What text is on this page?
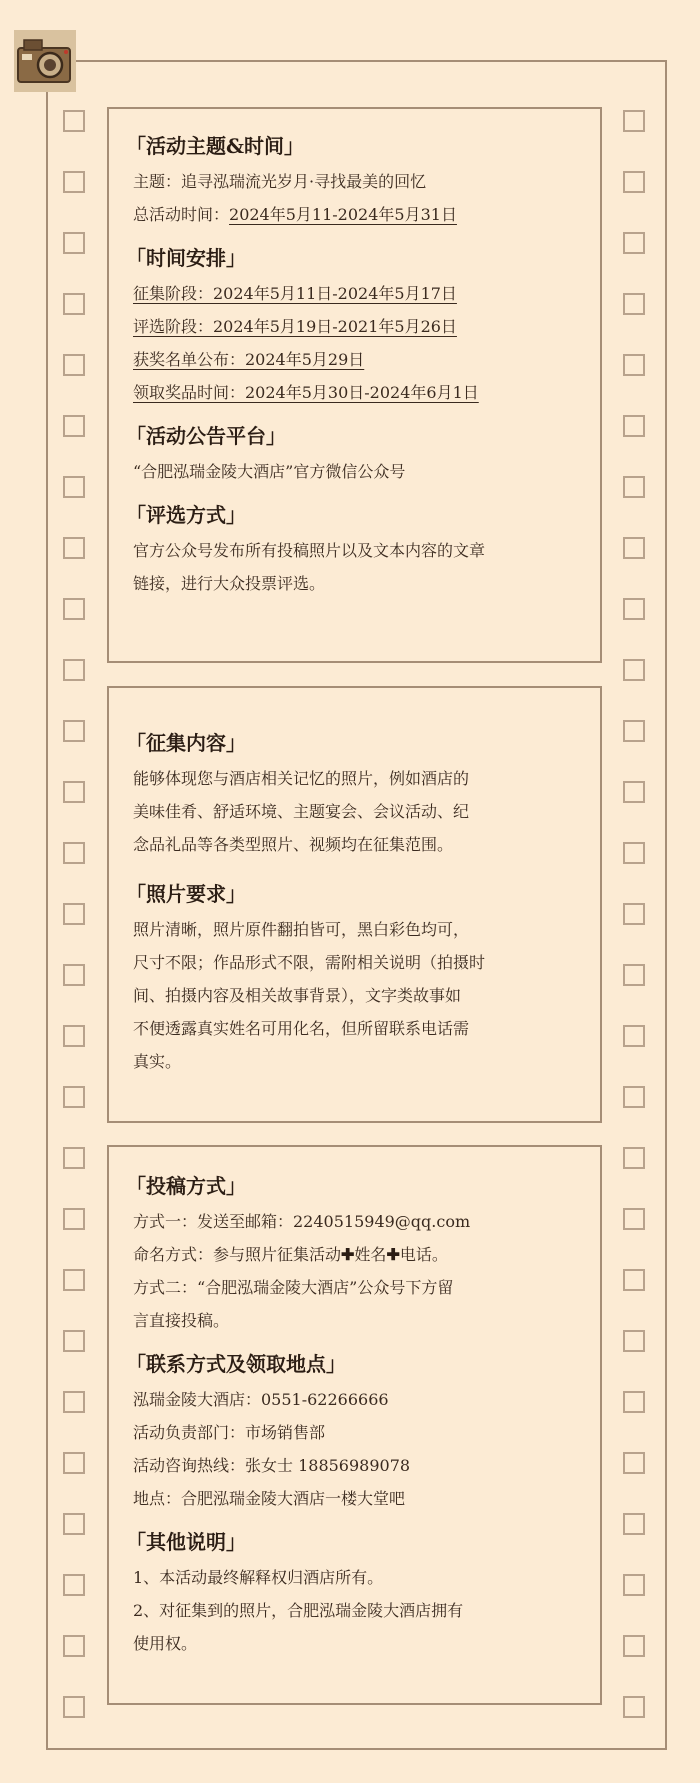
「活动主题&时间」

主题：追寻泓瑞流光岁月·寻找最美的回忆

总活动时间：2024年5月11-2024年5月31日

「时间安排」

征集阶段：2024年5月11日-2024年5月17日

评选阶段：2024年5月19日-2021年5月26日

获奖名单公布：2024年5月29日

领取奖品时间：2024年5月30日-2024年6月1日

「活动公告平台」

“合肥泓瑞金陵大酒店”官方微信公众号

「评选方式」

官方公众号发布所有投稿照片以及文本内容的文章

链接，进行大众投票评选。

「征集内容」

能够体现您与酒店相关记忆的照片，例如酒店的

美味佳肴、舒适环境、主题宴会、会议活动、纪

念品礼品等各类型照片、视频均在征集范围。

「照片要求」

照片清晰，照片原件翻拍皆可，黑白彩色均可，

尺寸不限；作品形式不限，需附相关说明（拍摄时

间、拍摄内容及相关故事背景），文字类故事如

不便透露真实姓名可用化名，但所留联系电话需

真实。

「投稿方式」

方式一：发送至邮箱：2240515949@qq.com

命名方式：参与照片征集活动✚姓名✚电话。

方式二：“合肥泓瑞金陵大酒店”公众号下方留

言直接投稿。

「联系方式及领取地点」

泓瑞金陵大酒店：0551-62266666

活动负责部门：市场销售部

活动咨询热线：张女士 18856989078

地点：合肥泓瑞金陵大酒店一楼大堂吧

「其他说明」

1、本活动最终解释权归酒店所有。

2、对征集到的照片，合肥泓瑞金陵大酒店拥有

使用权。
